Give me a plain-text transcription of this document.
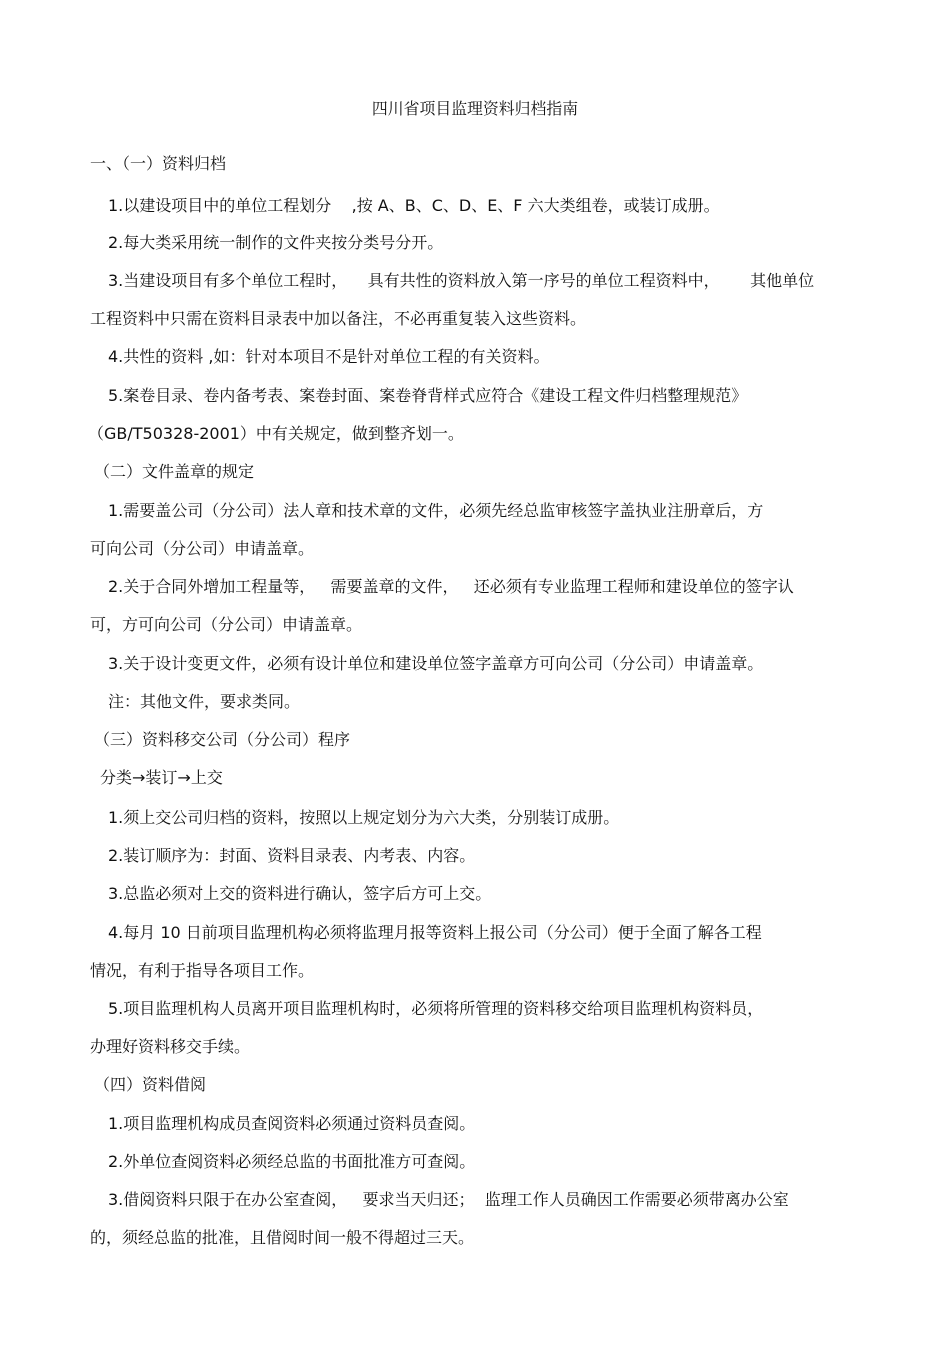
四川省项目监理资料归档指南
一、（一）资料归档
1.以建设项目中的单位工程划分    ,按 A、B、C、D、E、F 六大类组卷，或装订成册。
2.每大类采用统一制作的文件夹按分类号分开。
3.当建设项目有多个单位工程时，    具有共性的资料放入第一序号的单位工程资料中，      其他单位
工程资料中只需在资料目录表中加以备注，不必再重复装入这些资料。
4.共性的资料 ,如：针对本项目不是针对单位工程的有关资料。
5.案卷目录、卷内备考表、案卷封面、案卷脊背样式应符合《建设工程文件归档整理规范》
（GB/T50328-2001）中有关规定，做到整齐划一。
（二）文件盖章的规定
1.需要盖公司（分公司）法人章和技术章的文件，必须先经总监审核签字盖执业注册章后，方
可向公司（分公司）申请盖章。
2.关于合同外增加工程量等，   需要盖章的文件，   还必须有专业监理工程师和建设单位的签字认
可，方可向公司（分公司）申请盖章。
3.关于设计变更文件，必须有设计单位和建设单位签字盖章方可向公司（分公司）申请盖章。
注：其他文件，要求类同。
（三）资料移交公司（分公司）程序
分类→装订→上交
1.须上交公司归档的资料，按照以上规定划分为六大类，分别装订成册。
2.装订顺序为：封面、资料目录表、内考表、内容。
3.总监必须对上交的资料进行确认，签字后方可上交。
4.每月 10 日前项目监理机构必须将监理月报等资料上报公司（分公司）便于全面了解各工程
情况，有利于指导各项目工作。
5.项目监理机构人员离开项目监理机构时，必须将所管理的资料移交给项目监理机构资料员，
办理好资料移交手续。
（四）资料借阅
1.项目监理机构成员查阅资料必须通过资料员查阅。
2.外单位查阅资料必须经总监的书面批准方可查阅。
3.借阅资料只限于在办公室查阅，   要求当天归还；  监理工作人员确因工作需要必须带离办公室
的，须经总监的批准，且借阅时间一般不得超过三天。
